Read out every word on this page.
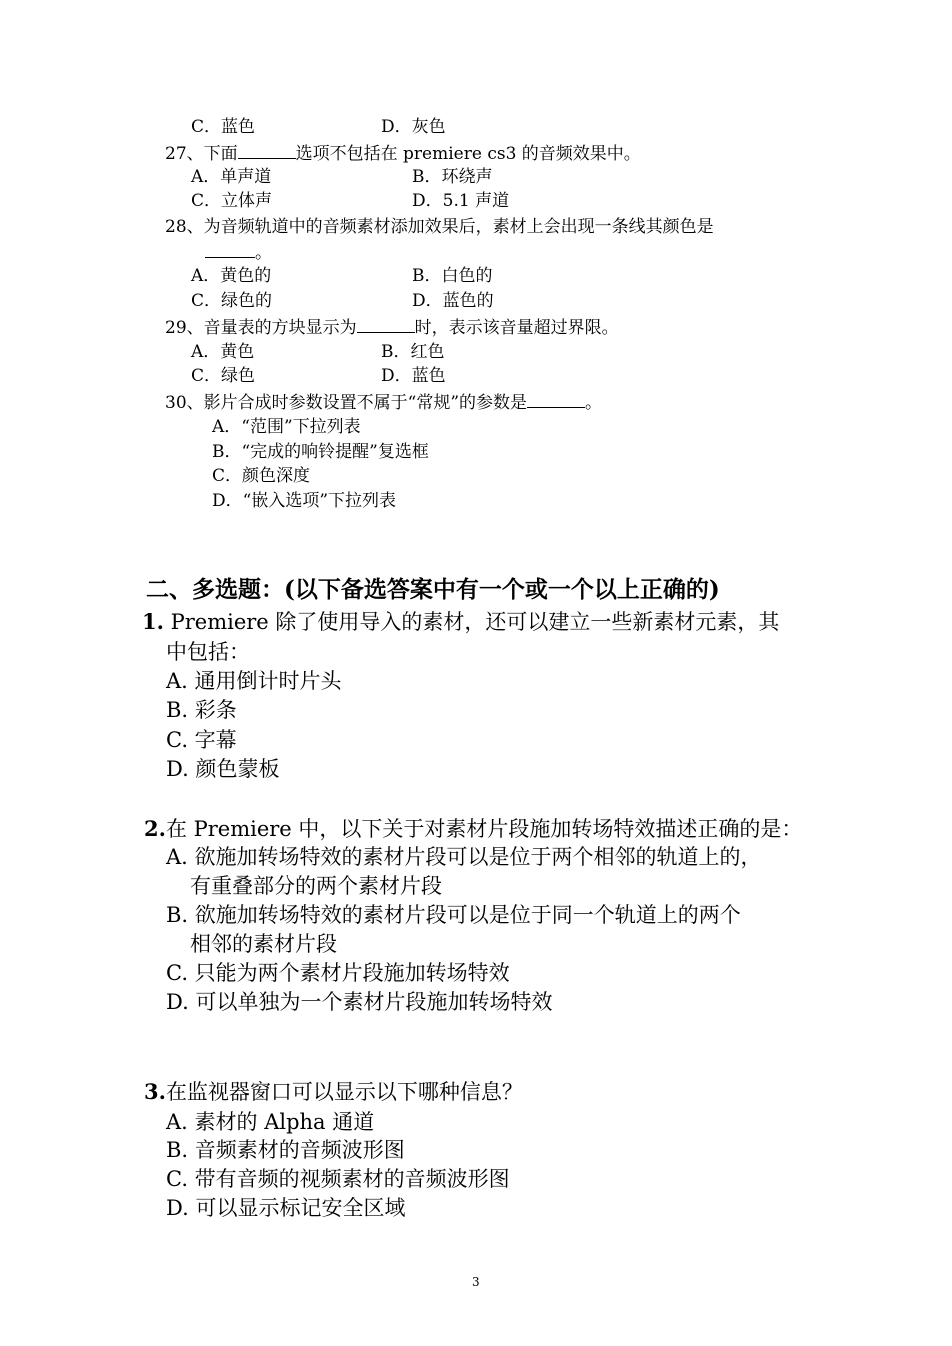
C．蓝色	D．灰色
27、下面	选项不包括在 premiere cs3 的音频效果中。
A．单声道	B．环绕声
C．立体声	D．5.1 声道
28、为音频轨道中的音频素材添加效果后，素材上会出现一条线其颜色是
。
A．黄色的	B．白色的
C．绿色的	D．蓝色的
29、音量表的方块显示为	时，表示该音量超过界限。
A．黄色	B．红色
C．绿色	D．蓝色
30、影片合成时参数设置不属于“常规”的参数是	。
A．“范围”下拉列表
B．“完成的响铃提醒”复选框
C．颜色深度
D．“嵌入选项”下拉列表
二、多选题：(以下备选答案中有一个或一个以上正确的)
1. Premiere 除了使用导入的素材，还可以建立一些新素材元素，其
中包括：
A. 通用倒计时片头
B. 彩条
C. 字幕
D. 颜色蒙板
2.在 Premiere 中，以下关于对素材片段施加转场特效描述正确的是：
A. 欲施加转场特效的素材片段可以是位于两个相邻的轨道上的，
有重叠部分的两个素材片段
B. 欲施加转场特效的素材片段可以是位于同一个轨道上的两个
相邻的素材片段
C. 只能为两个素材片段施加转场特效
D. 可以单独为一个素材片段施加转场特效
3.在监视器窗口可以显示以下哪种信息？
A. 素材的 Alpha 通道
B. 音频素材的音频波形图
C. 带有音频的视频素材的音频波形图
D. 可以显示标记安全区域
3
